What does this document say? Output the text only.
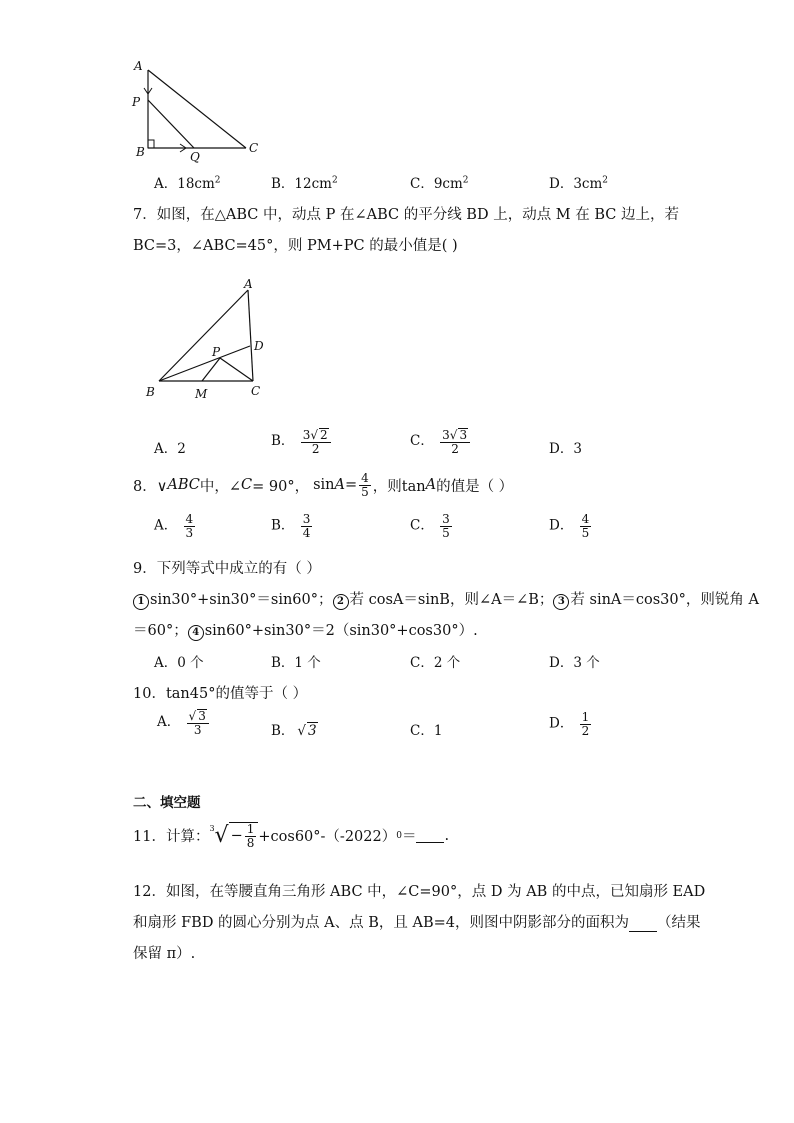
A
P
B	Q
C
A．$18cm^2$	B．$12cm^2$	C．$9cm^2$	D．$3cm^2$
7．如图，在△ABC 中，动点 P 在∠ABC 的平分线 BD 上，动点 M 在 BC 边上，若
BC=3，∠ABC=45°，则 PM+PC 的最小值是( )
A
D
P
B	M	C
A．2	B． $\frac{3√ 2}{2}$	C． $\frac{3√ 3}{2}$	D．3
8．∨ ABC 中，∠ C = 90°， $\sin A = \frac{4}{5}$ ，则tan A 的值是（ ）
A． $\frac{4}{3}$	B． $\frac{3}{4}$	C． $\frac{3}{5}$	D． $\frac{4}{5}$
9．下列等式中成立的有（ ）
1 sin30°+sin30°＝sin60°； 2 若 cosA＝sinB，则∠A＝∠B； 3 若 sinA＝cos30°，则锐角 A
＝60°； 4 sin60°+sin30°＝2（sin30°+cos30°）.
A．0 个	B．1 个	C．2 个	D．3 个
10．tan45°的值等于（ ）
A． $\frac{√ 3}{3}$	B． √ 3	C．1	D． $\frac{1}{2}$
二、填空题
11．计算：
$^3$ √ − $\frac{1}{8} +\cos 60^\circ-(-2022) 0$ ＝ .
12．如图，在等腰直角三角形 ABC 中，∠C=90°，点 D 为 AB 的中点，已知扇形 EAD
和扇形 FBD 的圆心分别为点 A、点 B，且 AB=4，则图中阴影部分的面积为 （结果
保留 π）.
